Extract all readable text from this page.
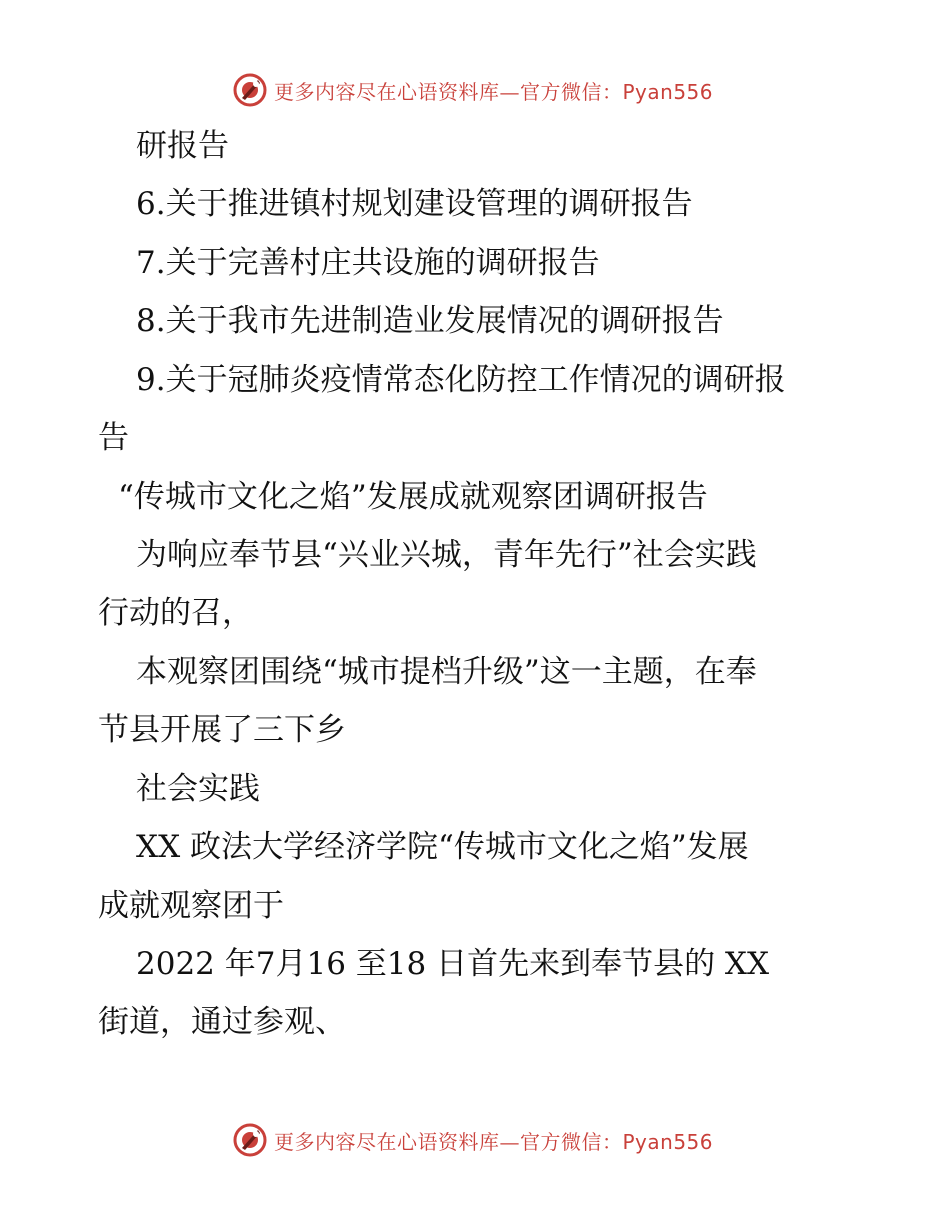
更多内容尽在心语资料库—官方微信：Pyan556
研报告
6.关于推进镇村规划建设管理的调研报告
7.关于完善村庄共设施的调研报告
8.关于我市先进制造业发展情况的调研报告
9.关于冠肺炎疫情常态化防控工作情况的调研报
告
“传城市文化之焰”发展成就观察团调研报告
为响应奉节县“兴业兴城，青年先行”社会实践
行动的召，
本观察团围绕“城市提档升级”这一主题，在奉
节县开展了三下乡
社会实践
XX 政法大学经济学院“传城市文化之焰”发展
成就观察团于
2022 年7月16 至18 日首先来到奉节县的 XX
街道，通过参观、
更多内容尽在心语资料库—官方微信：Pyan556
